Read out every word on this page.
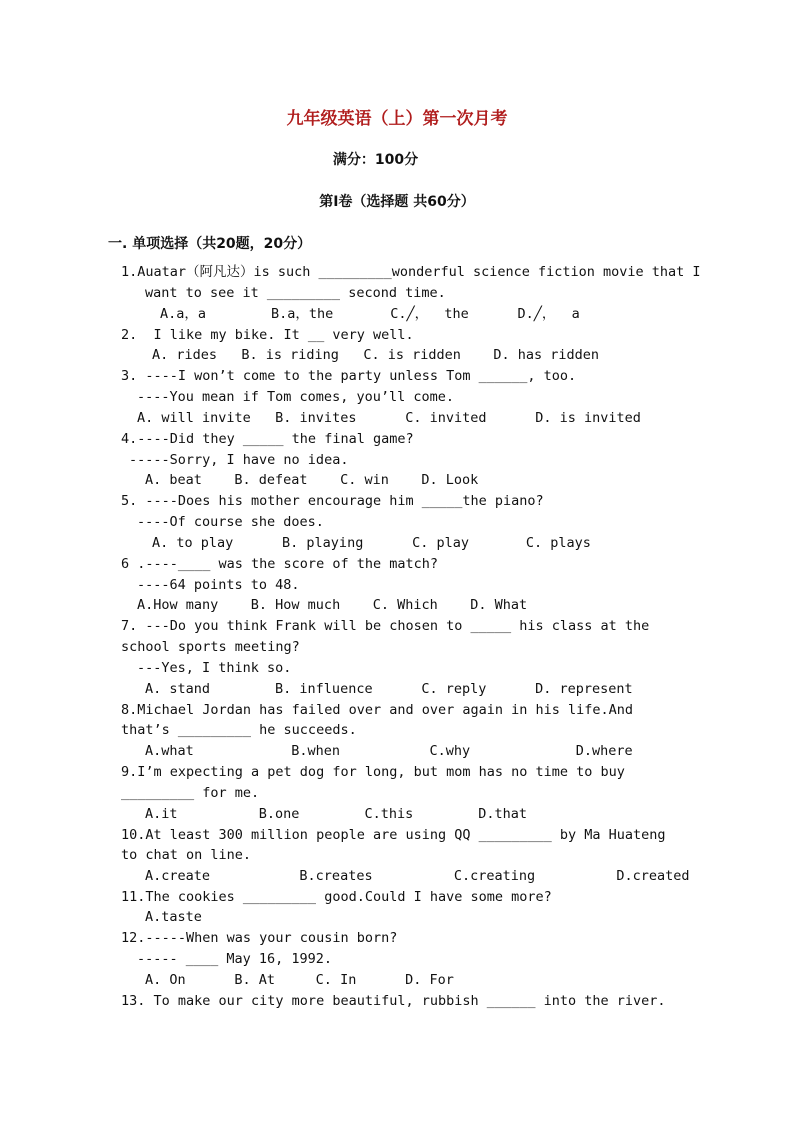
九年级英语（上）第一次月考
满分：100分
第I卷（选择题 共60分）
一. 单项选择（共20题，20分）
1.Auatar（阿凡达）is such _________wonderful science fiction movie that I
want to see it _________ second time.
A.a，a        B.a，the       C.╱，  the      D.╱，  a
2.  I like my bike. It __ very well.
A. rides   B. is riding   C. is ridden    D. has ridden
3. ----I won’t come to the party unless Tom ______, too.
----You mean if Tom comes, you’ll come.
A. will invite   B. invites      C. invited      D. is invited
4.----Did they _____ the final game?
-----Sorry, I have no idea.
A. beat    B. defeat    C. win    D. Look
5. ----Does his mother encourage him _____the piano?
----Of course she does.
A. to play      B. playing      C. play       C. plays
6 .----____ was the score of the match?
----64 points to 48.
A.How many    B. How much    C. Which    D. What
7. ---Do you think Frank will be chosen to _____ his class at the
school sports meeting?
---Yes, I think so.
A. stand        B. influence      C. reply      D. represent
8.Michael Jordan has failed over and over again in his life.And
that’s _________ he succeeds.
A.what            B.when           C.why             D.where
9.I’m expecting a pet dog for long, but mom has no time to buy
_________ for me.
A.it          B.one        C.this        D.that
10.At least 300 million people are using QQ _________ by Ma Huateng
to chat on line.
A.create           B.creates          C.creating          D.created
11.The cookies _________ good.Could I have some more?
A.taste
12.-----When was your cousin born?
----- ____ May 16, 1992.
A. On      B. At     C. In      D. For
13. To make our city more beautiful, rubbish ______ into the river.
